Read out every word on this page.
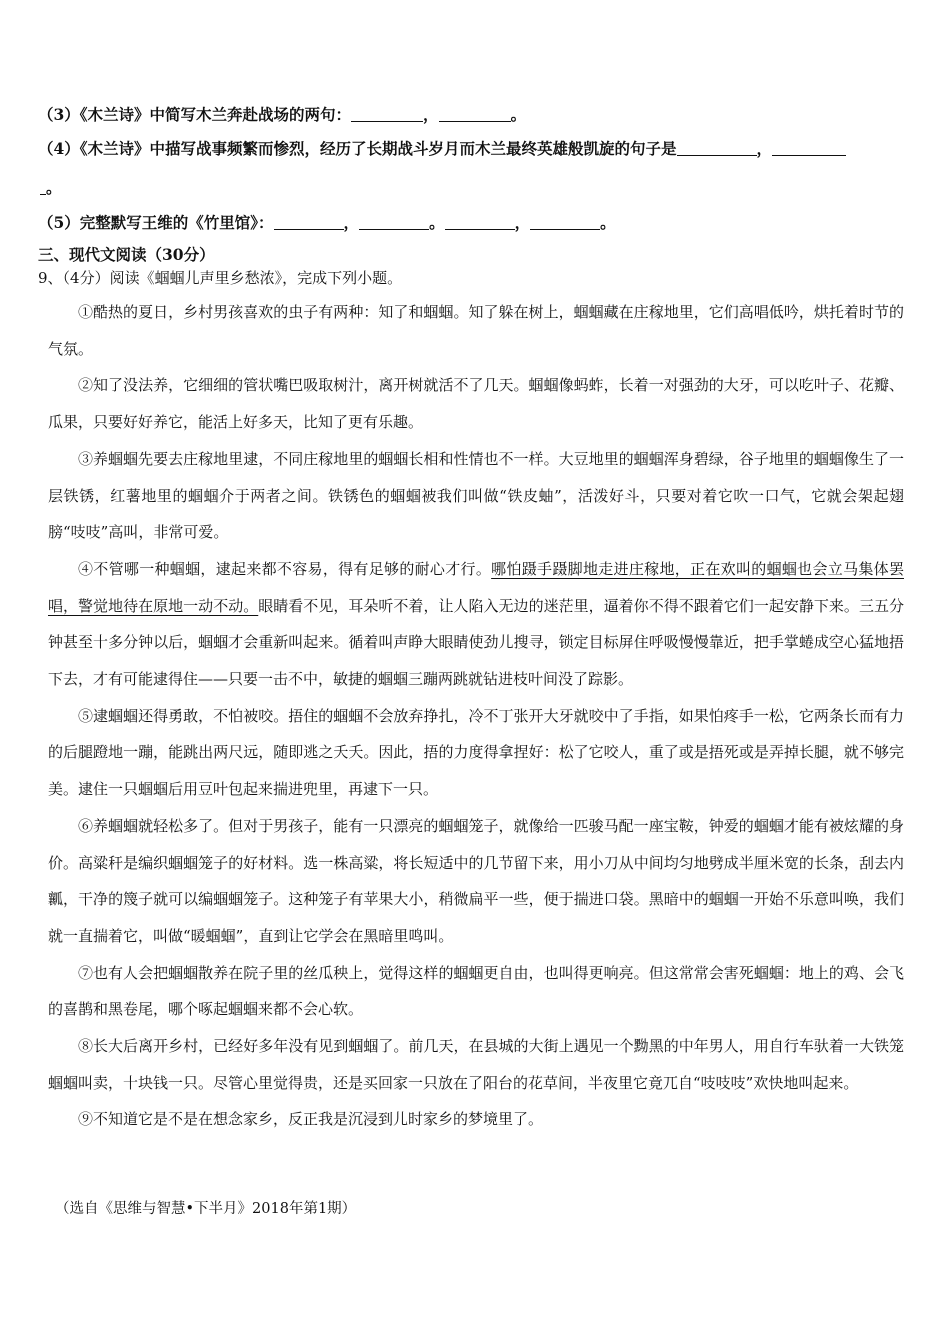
（3）《木兰诗》中简写木兰奔赴战场的两句：	，	。
（4）《木兰诗》中描写战事频繁而惨烈，经历了长期战斗岁月而木兰最终英雄般凯旋的句子是	，
。
（5）完整默写王维的《竹里馆》：	，	。	，	。
三、现代文阅读（30分）
9、（4分）阅读《蝈蝈儿声里乡愁浓》，完成下列小题。

①酷热的夏日，乡村男孩喜欢的虫子有两种：知了和蝈蝈。知了躲在树上，蝈蝈藏在庄稼地里，它们高唱低吟，烘托着时节的气氛。

②知了没法养，它细细的管状嘴巴吸取树汁，离开树就活不了几天。蝈蝈像蚂蚱，长着一对强劲的大牙，可以吃叶子、花瓣、瓜果，只要好好养它，能活上好多天，比知了更有乐趣。

③养蝈蝈先要去庄稼地里逮，不同庄稼地里的蝈蝈长相和性情也不一样。大豆地里的蝈蝈浑身碧绿，谷子地里的蝈蝈像生了一层铁锈，红薯地里的蝈蝈介于两者之间。铁锈色的蝈蝈被我们叫做“铁皮蚰”，活泼好斗，只要对着它吹一口气，它就会架起翅膀“吱吱”高叫，非常可爱。

④不管哪一种蝈蝈，逮起来都不容易，得有足够的耐心才行。哪怕蹑手蹑脚地走进庄稼地，正在欢叫的蝈蝈也会立马集体罢唱，警觉地待在原地一动不动。眼睛看不见，耳朵听不着，让人陷入无边的迷茫里，逼着你不得不跟着它们一起安静下来。三五分钟甚至十多分钟以后，蝈蝈才会重新叫起来。循着叫声睁大眼睛使劲儿搜寻，锁定目标屏住呼吸慢慢靠近，把手掌蜷成空心猛地捂下去，才有可能逮得住——只要一击不中，敏捷的蝈蝈三蹦两跳就钻进枝叶间没了踪影。

⑤逮蝈蝈还得勇敢，不怕被咬。捂住的蝈蝈不会放弃挣扎，冷不丁张开大牙就咬中了手指，如果怕疼手一松，它两条长而有力的后腿蹬地一蹦，能跳出两尺远，随即逃之夭夭。因此，捂的力度得拿捏好：松了它咬人，重了或是捂死或是弄掉长腿，就不够完美。逮住一只蝈蝈后用豆叶包起来揣进兜里，再逮下一只。

⑥养蝈蝈就轻松多了。但对于男孩子，能有一只漂亮的蝈蝈笼子，就像给一匹骏马配一座宝鞍，钟爱的蝈蝈才能有被炫耀的身价。高粱秆是编织蝈蝈笼子的好材料。选一株高粱，将长短适中的几节留下来，用小刀从中间均匀地劈成半厘米宽的长条，刮去内瓤，干净的篾子就可以编蝈蝈笼子。这种笼子有苹果大小，稍微扁平一些，便于揣进口袋。黑暗中的蝈蝈一开始不乐意叫唤，我们就一直揣着它，叫做“暖蝈蝈”，直到让它学会在黑暗里鸣叫。

⑦也有人会把蝈蝈散养在院子里的丝瓜秧上，觉得这样的蝈蝈更自由，也叫得更响亮。但这常常会害死蝈蝈：地上的鸡、会飞的喜鹊和黑卷尾，哪个啄起蝈蝈来都不会心软。

⑧长大后离开乡村，已经好多年没有见到蝈蝈了。前几天，在县城的大街上遇见一个黝黑的中年男人，用自行车驮着一大铁笼蝈蝈叫卖，十块钱一只。尽管心里觉得贵，还是买回家一只放在了阳台的花草间，半夜里它竟兀自“吱吱吱”欢快地叫起来。

⑨不知道它是不是在想念家乡，反正我是沉浸到儿时家乡的梦境里了。

（选自《思维与智慧•下半月》2018年第1期）
